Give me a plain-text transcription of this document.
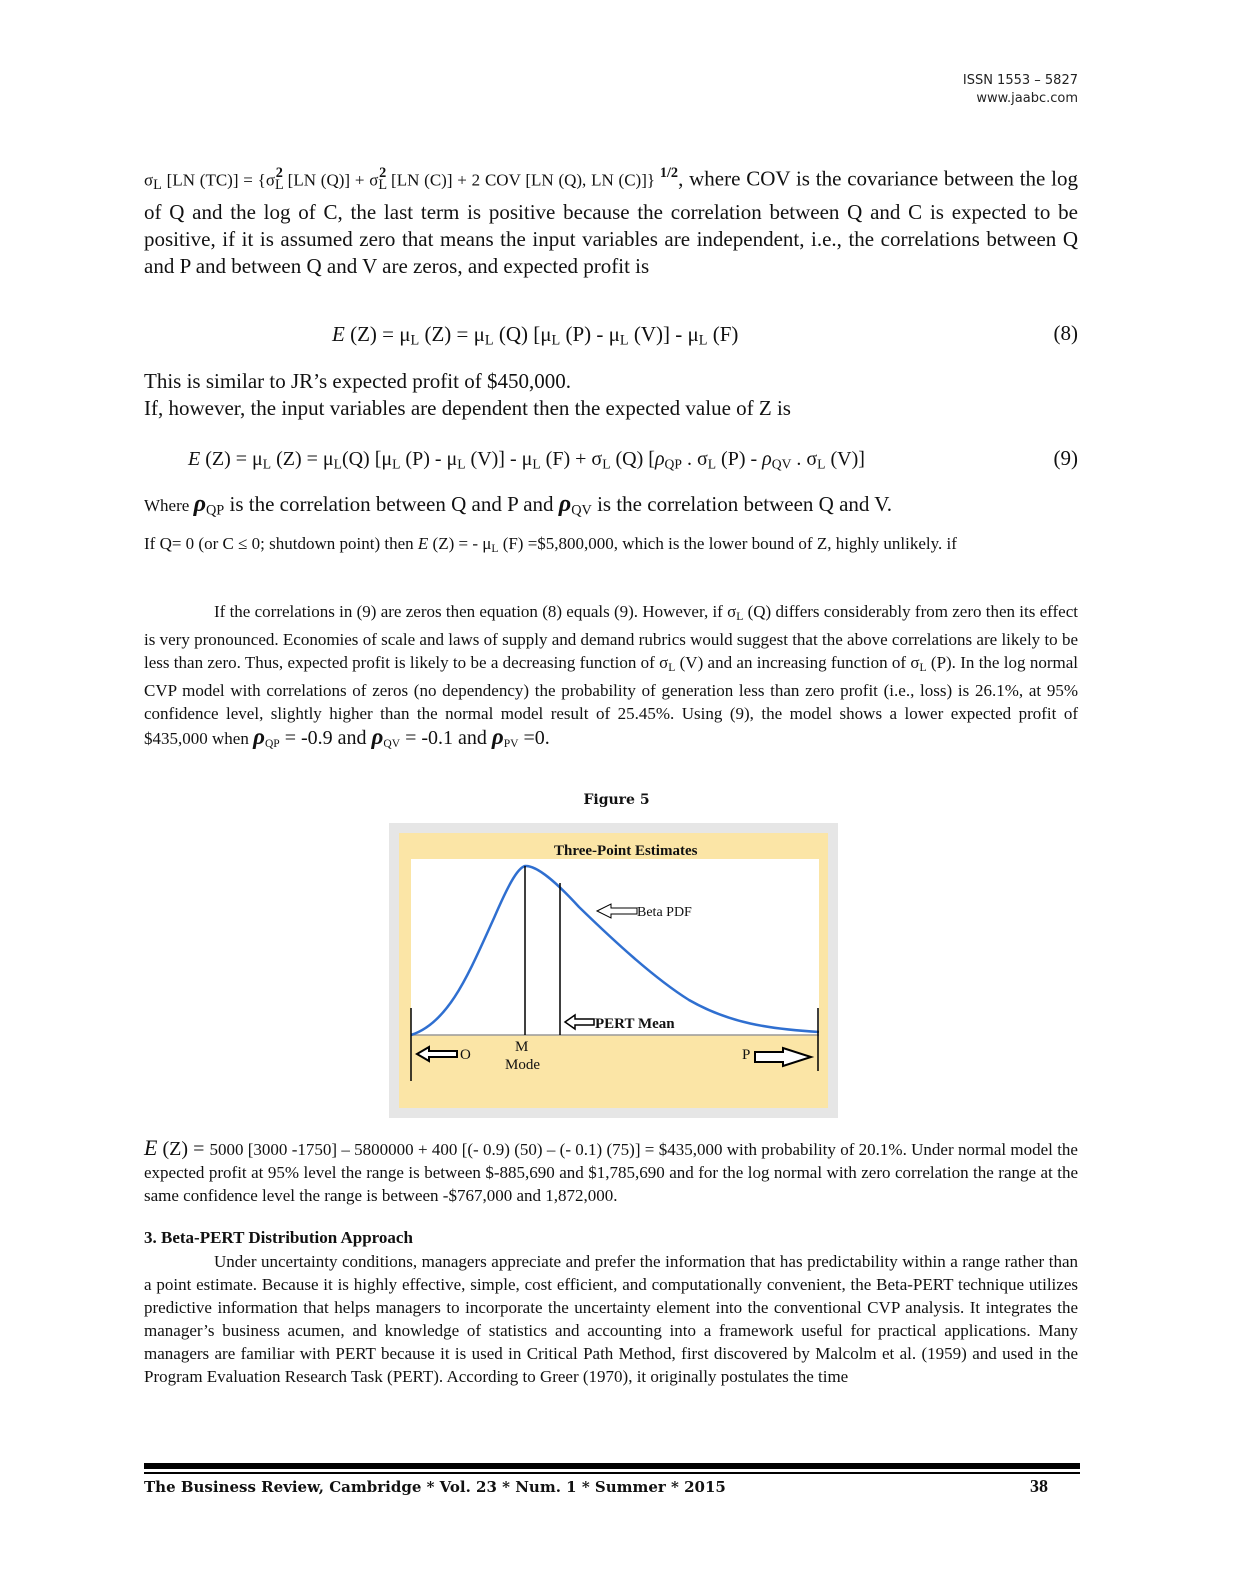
ISSN 1553 – 5827
www.jaabc.com
$\sigma_L$ [LN $(TC)] = \{\sigma_L^2$ [LN $(Q)] + \sigma_L^2$ [LN (C)] + 2 COV [LN (Q), LN (C)]} $^{1/2}$, where COV is the covariance between the log of Q and the log of C, the last term is positive because the correlation between Q and C is expected to be positive, if it is assumed zero that means the input variables are independent, i.e., the correlations between Q and P and between Q and V are zeros, and expected profit is
E $(Z) = \mu_L$ $(Z) = \mu_L$ (Q) [$\mu_L$ $(P) - \mu_L$ $(V)] - \mu_L$ (F)	(8)
This is similar to JR’s expected profit of $450,000.
If, however, the input variables are dependent then the expected value of Z is
E $(Z) = \mu_L$ $(Z) = \mu_L(Q)$ [$\mu_L$ $(P) - \mu_L$ $(V)] - \mu_L$ $(F) + \sigma_L$ (Q) [$\rho_{QP}$ . $\sigma_L$ $(P) - \rho_{QV}$ . $\sigma_L$ (V)]	(9)
Where $\rho_{QP}$ is the correlation between Q and P and $\rho_{QV}$ is the correlation between Q and V.
If Q= 0 (or C ≤ 0; shutdown point) then E (Z) = - $\mu_L$ (F) =$5,800,000, which is the lower bound of Z, highly unlikely. if
If the correlations in (9) are zeros then equation (8) equals (9). However, if $\sigma_L$ (Q) differs considerably from zero then its effect is very pronounced. Economies of scale and laws of supply and demand rubrics would suggest that the above correlations are likely to be less than zero. Thus, expected profit is likely to be a decreasing function of $\sigma_L$ (V) and an increasing function of $\sigma_L$ (P). In the log normal CVP model with correlations of zeros (no dependency) the probability of generation less than zero profit (i.e., loss) is 26.1%, at 95% confidence level, slightly higher than the normal model result of 25.45%. Using (9), the model shows a lower expected profit of $435,000 when $\rho_{QP} = -0.9$ and $\rho_{QV} = -0.1$ and $\rho_{PV} =0$.
Figure 5
Three-Point Estimates
Beta PDF
PERT Mean
O	M
Mode
P
E (Z) = 5000 [3000 -1750] – 5800000 + 400 [(- 0.9) (50) – (- 0.1) (75)] = $435,000 with probability of 20.1%. Under normal model the expected profit at 95% level the range is between $-885,690 and $1,785,690 and for the log normal with zero correlation the range at the same confidence level the range is between -$767,000 and 1,872,000.
3. Beta-PERT Distribution Approach
Under uncertainty conditions, managers appreciate and prefer the information that has predictability within a range rather than a point estimate. Because it is highly effective, simple, cost efficient, and computationally convenient, the Beta-PERT technique utilizes predictive information that helps managers to incorporate the uncertainty element into the conventional CVP analysis. It integrates the manager’s business acumen, and knowledge of statistics and accounting into a framework useful for practical applications. Many managers are familiar with PERT because it is used in Critical Path Method, first discovered by Malcolm et al. (1959) and used in the Program Evaluation Research Task (PERT). According to Greer (1970), it originally postulates the time
The Business Review, Cambridge * Vol. 23 * Num. 1 * Summer * 2015	38
